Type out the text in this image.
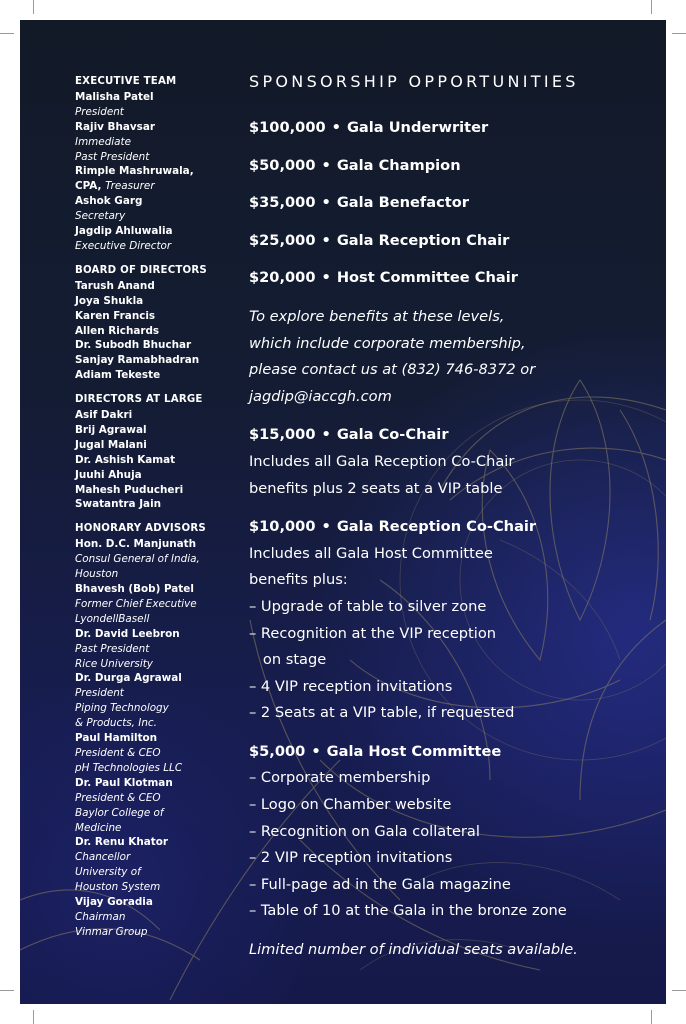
EXECUTIVE TEAM
Malisha Patel
President
Rajiv Bhavsar
Immediate
Past President
Rimple Mashruwala,
CPA, Treasurer
Ashok Garg
Secretary
Jagdip Ahluwalia
Executive Director
BOARD OF DIRECTORS
Tarush Anand
Joya Shukla
Karen Francis
Allen Richards
Dr. Subodh Bhuchar
Sanjay Ramabhadran
Adiam Tekeste
DIRECTORS AT LARGE
Asif Dakri
Brij Agrawal
Jugal Malani
Dr. Ashish Kamat
Juuhi Ahuja
Mahesh Puducheri
Swatantra Jain
HONORARY ADVISORS
Hon. D.C. Manjunath
Consul General of India,
Houston
Bhavesh (Bob) Patel
Former Chief Executive
LyondellBasell
Dr. David Leebron
Past President
Rice University
Dr. Durga Agrawal
President
Piping Technology
& Products, Inc.
Paul Hamilton
President & CEO
pH Technologies LLC
Dr. Paul Klotman
President & CEO
Baylor College of
Medicine
Dr. Renu Khator
Chancellor
University of
Houston System
Vijay Goradia
Chairman
Vinmar Group
SPONSORSHIP OPPORTUNITIES
$100,000 • Gala Underwriter
$50,000 • Gala Champion
$35,000 • Gala Benefactor
$25,000 • Gala Reception Chair
$20,000 • Host Committee Chair
To explore benefits at these levels,
which include corporate membership,
please contact us at (832) 746-8372 or
jagdip@iaccgh.com
$15,000 • Gala Co-Chair
Includes all Gala Reception Co-Chair
benefits plus 2 seats at a VIP table
$10,000 • Gala Reception Co-Chair
Includes all Gala Host Committee
benefits plus:
– Upgrade of table to silver zone
– Recognition at the VIP reception
on stage
– 4 VIP reception invitations
– 2 Seats at a VIP table, if requested
$5,000 • Gala Host Committee
– Corporate membership
– Logo on Chamber website
– Recognition on Gala collateral
– 2 VIP reception invitations
– Full-page ad in the Gala magazine
– Table of 10 at the Gala in the bronze zone
Limited number of individual seats available.
